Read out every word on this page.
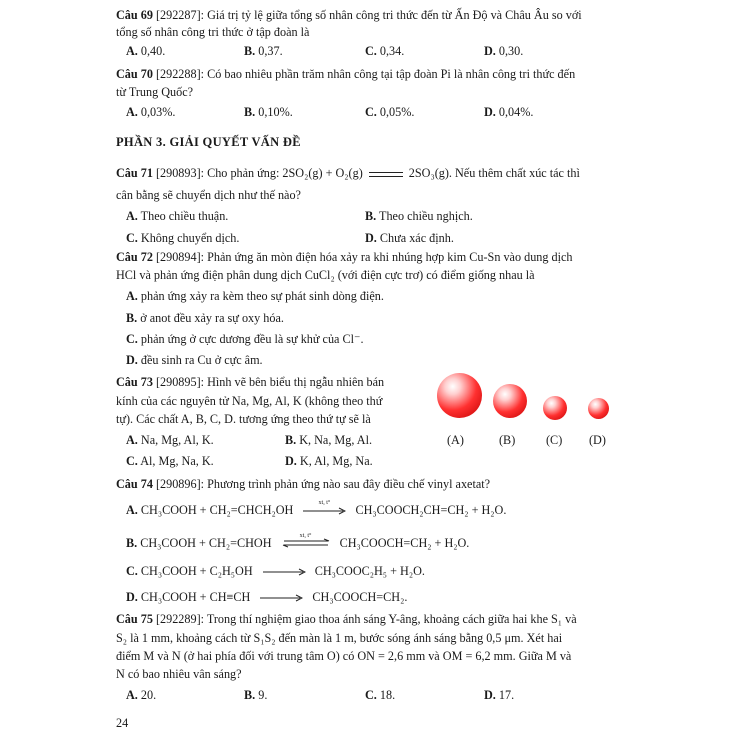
Câu 69 [292287]: Giá trị tỷ lệ giữa tổng số nhân công tri thức đến từ Ấn Độ và Châu Âu so với
tổng số nhân công tri thức ở tập đoàn là
A. 0,40.	B. 0,37.	C. 0,34.	D. 0,30.
Câu 70 [292288]: Có bao nhiêu phần trăm nhân công tại tập đoàn Pi là nhân công tri thức đến
từ Trung Quốc?
A. 0,03%.	B. 0,10%.	C. 0,05%.	D. 0,04%.
PHẦN 3. GIẢI QUYẾT VẤN ĐỀ
Câu 71 [290893]: Cho phản ứng: 2SO₂(g) + O₂(g)	2SO₃(g). Nếu thêm chất xúc tác thì
cân bằng sẽ chuyển dịch như thế nào?
A. Theo chiều thuận.	B. Theo chiều nghịch.
C. Không chuyển dịch.	D. Chưa xác định.
Câu 72 [290894]: Phản ứng ăn mòn điện hóa xảy ra khi nhúng hợp kim Cu-Sn vào dung dịch
HCl và phản ứng điện phân dung dịch CuCl₂ (với điện cực trơ) có điểm giống nhau là
A. phản ứng xảy ra kèm theo sự phát sinh dòng điện.
B. ở anot đều xảy ra sự oxy hóa.
C. phản ứng ở cực dương đều là sự khử của Cl⁻.
D. đều sinh ra Cu ở cực âm.
Câu 73 [290895]: Hình vẽ bên biểu thị ngẫu nhiên bán
kính của các nguyên tử Na, Mg, Al, K (không theo thứ
tự). Các chất A, B, C, D. tương ứng theo thứ tự sẽ là
A. Na, Mg, Al, K.	B. K, Na, Mg, Al.
C. Al, Mg, Na, K.	D. K, Al, Mg, Na.
(A)	(B)	(C) (D)
Câu 74 [290896]: Phương trình phản ứng nào sau đây điều chế vinyl axetat?
A. CH₃COOH + CH₂=CHCH₂OH
xt, t°
CH₃COOCH₂CH=CH₂ + H₂O.
B. CH₃COOH + CH₂=CHOH
xt, t°
CH₃COOCH=CH₂ + H₂O.
C. CH₃COOH + C₂H₅OH → CH₃COOC₂H₅ + H₂O.
D. CH₃COOH + CH≡CH → CH₃COOCH=CH₂.
Câu 75 [292289]: Trong thí nghiệm giao thoa ánh sáng Y-âng, khoảng cách giữa hai khe S₁ và
S₂ là 1 mm, khoảng cách từ S₁S₂ đến màn là 1 m, bước sóng ánh sáng bằng 0,5 μm. Xét hai
điểm M và N (ở hai phía đối với trung tâm O) có ON = 2,6 mm và OM = 6,2 mm. Giữa M và
N có bao nhiêu vân sáng?
A. 20.	B. 9.	C. 18.	D. 17.
24
